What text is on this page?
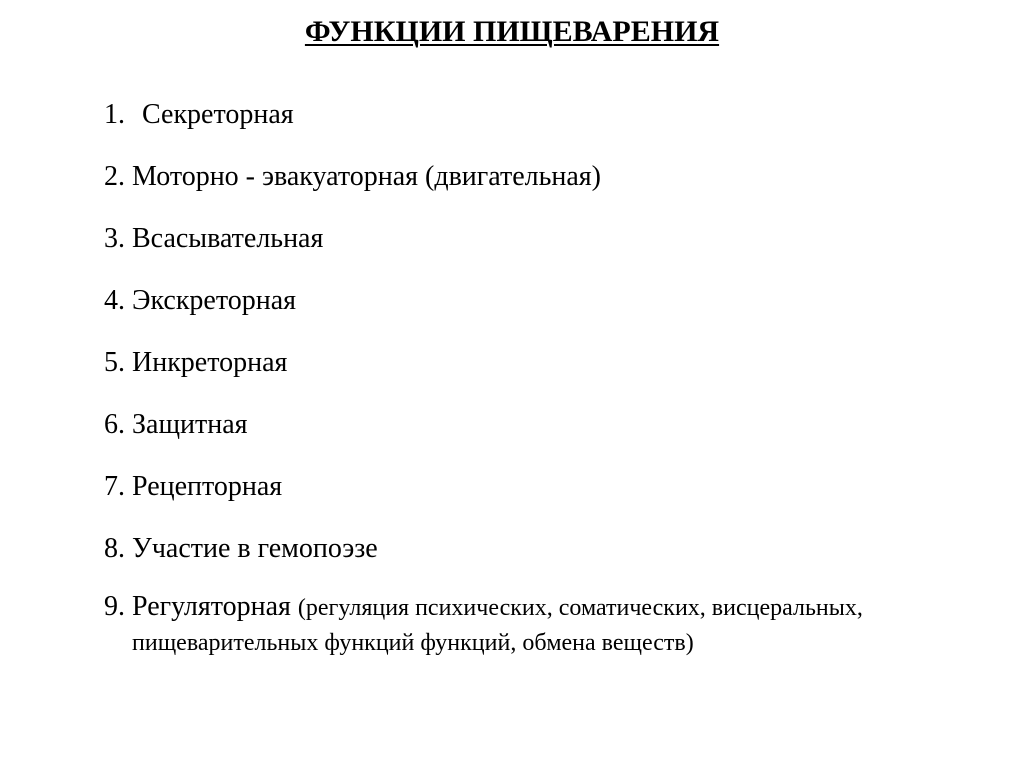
ФУНКЦИИ ПИЩЕВАРЕНИЯ
1. Секреторная
2. Моторно - эвакуаторная (двигательная)
3. Всасывательная
4. Экскреторная
5. Инкреторная
6. Защитная
7. Рецепторная
8. Участие в гемопоэзе
9. Регуляторная (регуляция психических, соматических, висцеральных, пищеварительных функций функций, обмена веществ)
